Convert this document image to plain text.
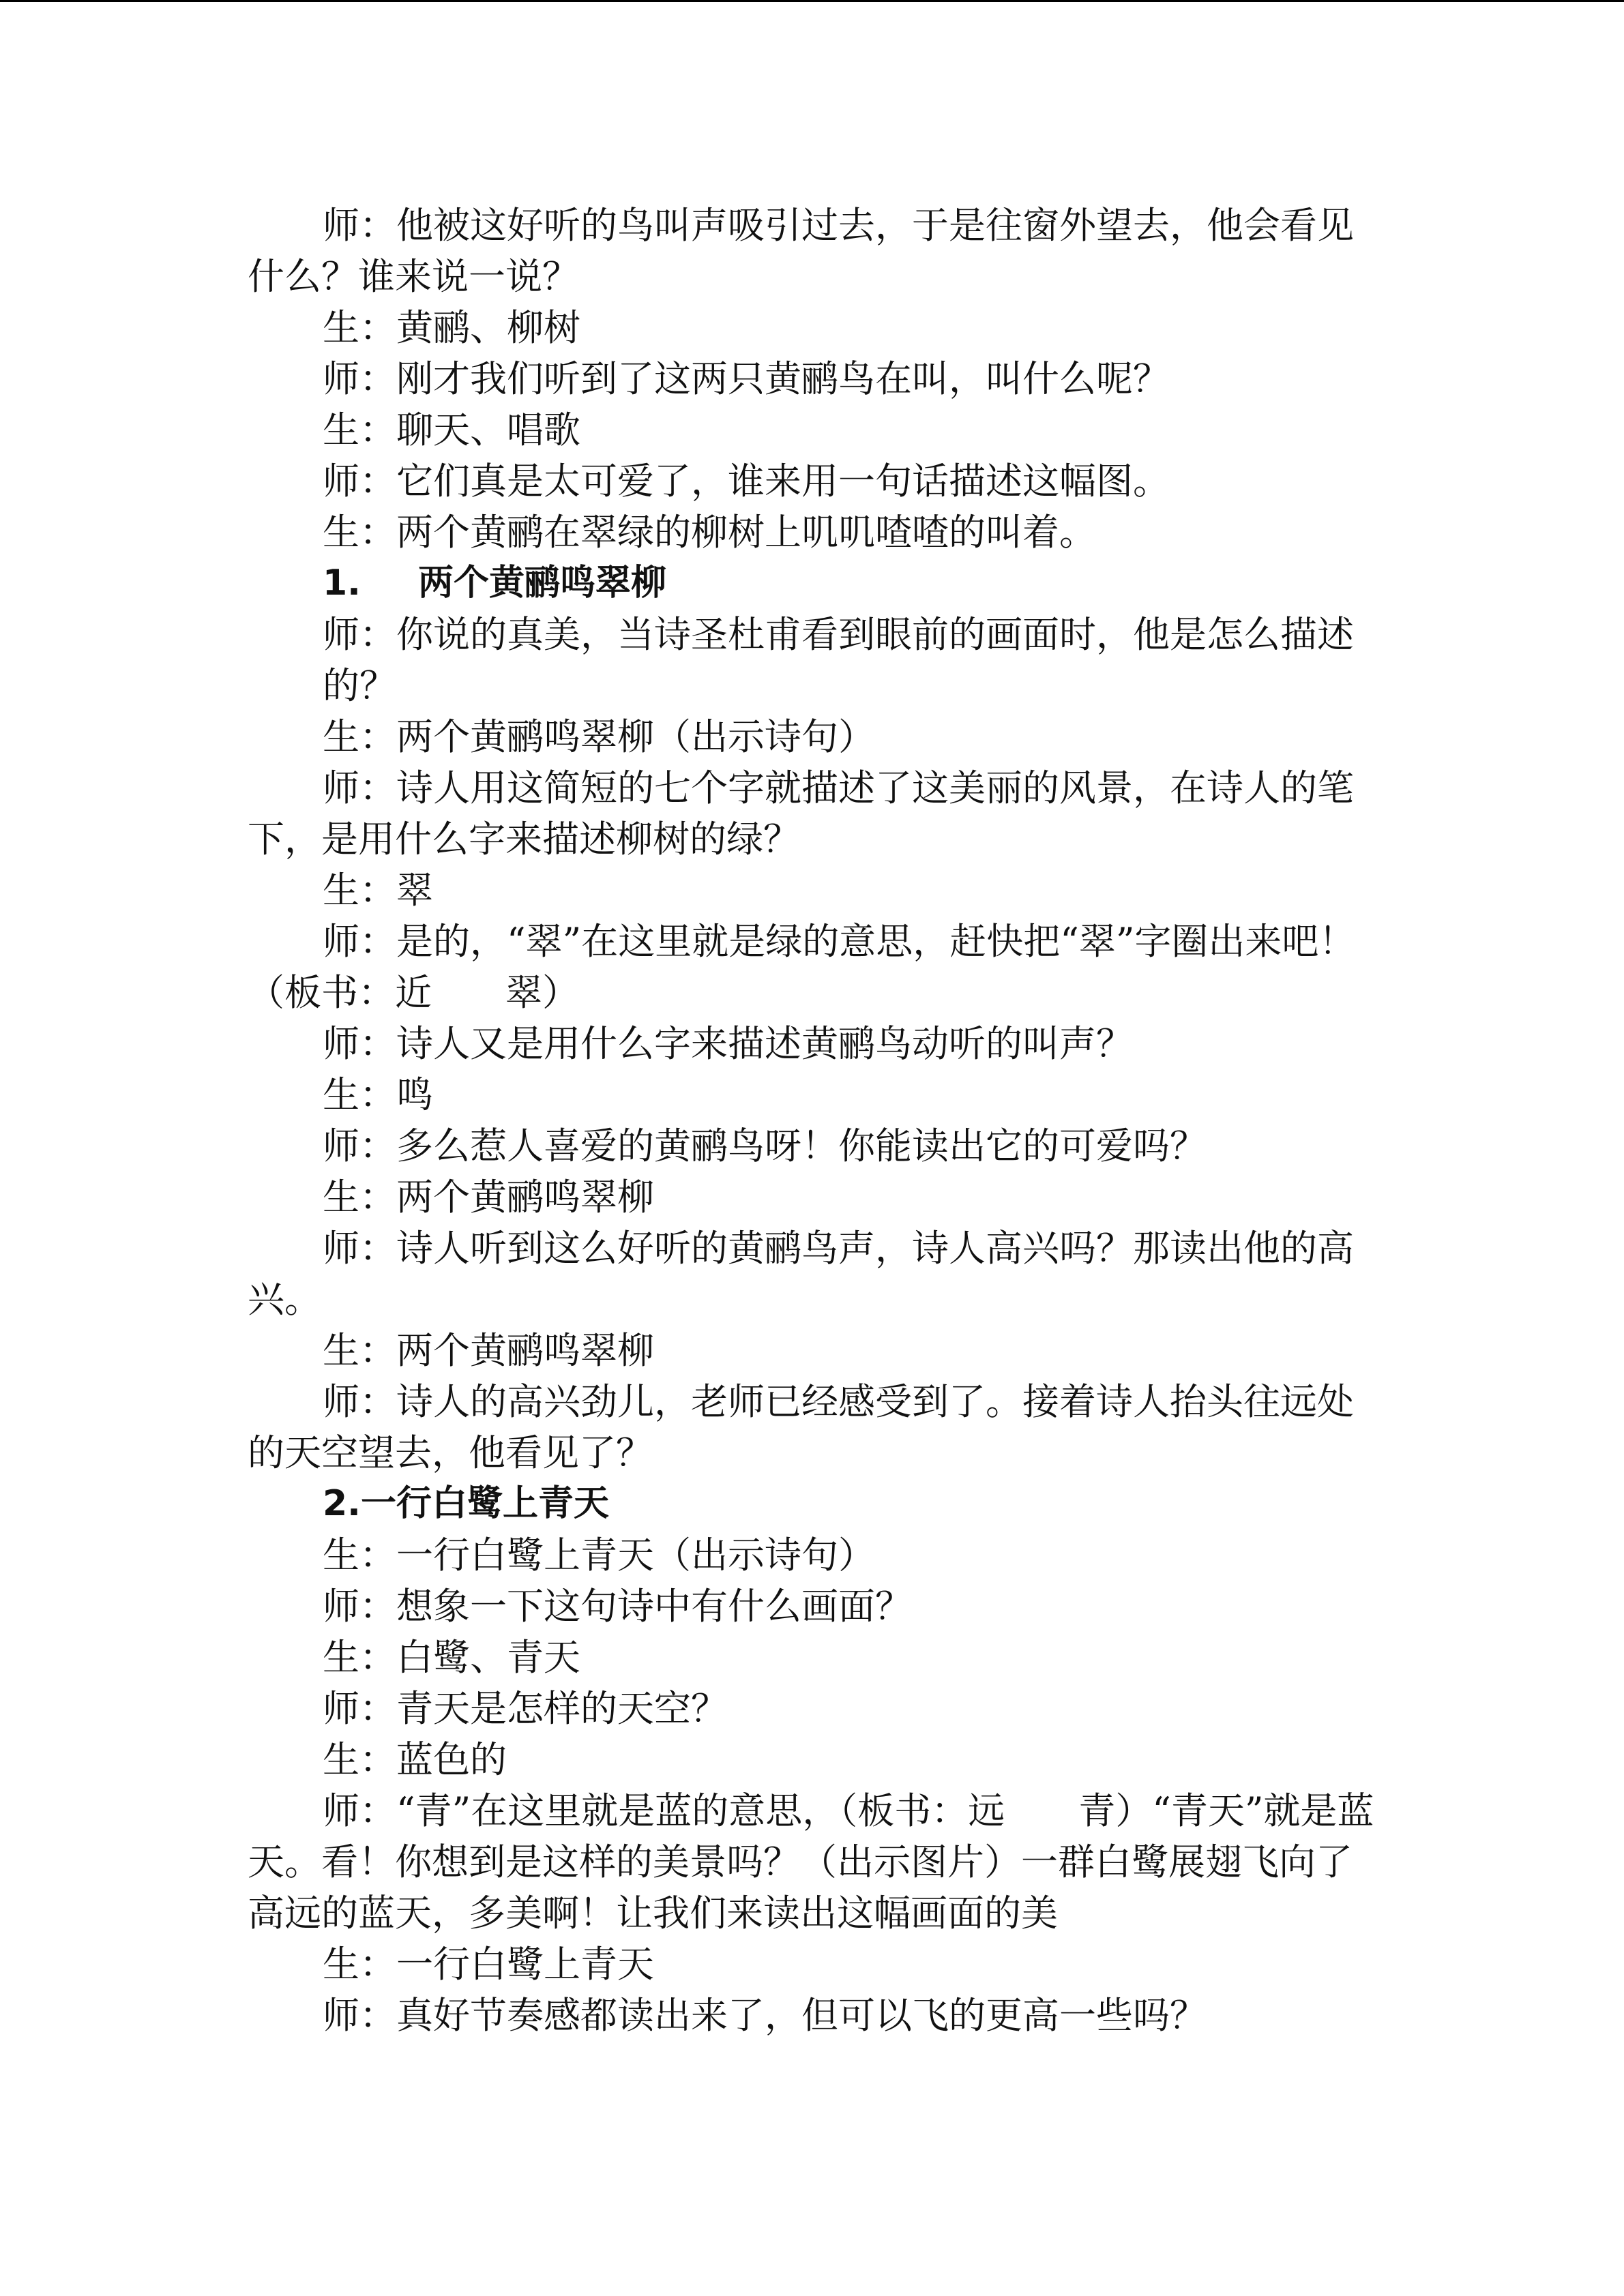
师：他被这好听的鸟叫声吸引过去，于是往窗外望去，他会看见什么？谁来说一说？

生：黄鹂、柳树

师：刚才我们听到了这两只黄鹂鸟在叫，叫什么呢？

生：聊天、唱歌

师：它们真是太可爱了，谁来用一句话描述这幅图。

生：两个黄鹂在翠绿的柳树上叽叽喳喳的叫着。

1. 两个黄鹂鸣翠柳

师：你说的真美，当诗圣杜甫看到眼前的画面时，他是怎么描述的？

生：两个黄鹂鸣翠柳（出示诗句）

师：诗人用这简短的七个字就描述了这美丽的风景，在诗人的笔下，是用什么字来描述柳树的绿？

生：翠

师：是的，“翠”在这里就是绿的意思，赶快把“翠”字圈出来吧！（板书：近　　翠）

师：诗人又是用什么字来描述黄鹂鸟动听的叫声？

生：鸣

师：多么惹人喜爱的黄鹂鸟呀！你能读出它的可爱吗？

生：两个黄鹂鸣翠柳

师：诗人听到这么好听的黄鹂鸟声，诗人高兴吗？那读出他的高兴。

生：两个黄鹂鸣翠柳

师：诗人的高兴劲儿，老师已经感受到了。接着诗人抬头往远处的天空望去，他看见了？

2.一行白鹭上青天

生：一行白鹭上青天（出示诗句）

师：想象一下这句诗中有什么画面？

生：白鹭、青天

师：青天是怎样的天空？

生：蓝色的

师：“青”在这里就是蓝的意思，（板书：远　　青）“青天”就是蓝天。看！你想到是这样的美景吗？（出示图片）一群白鹭展翅飞向了高远的蓝天，多美啊！让我们来读出这幅画面的美

生：一行白鹭上青天

师：真好节奏感都读出来了，但可以飞的更高一些吗？
